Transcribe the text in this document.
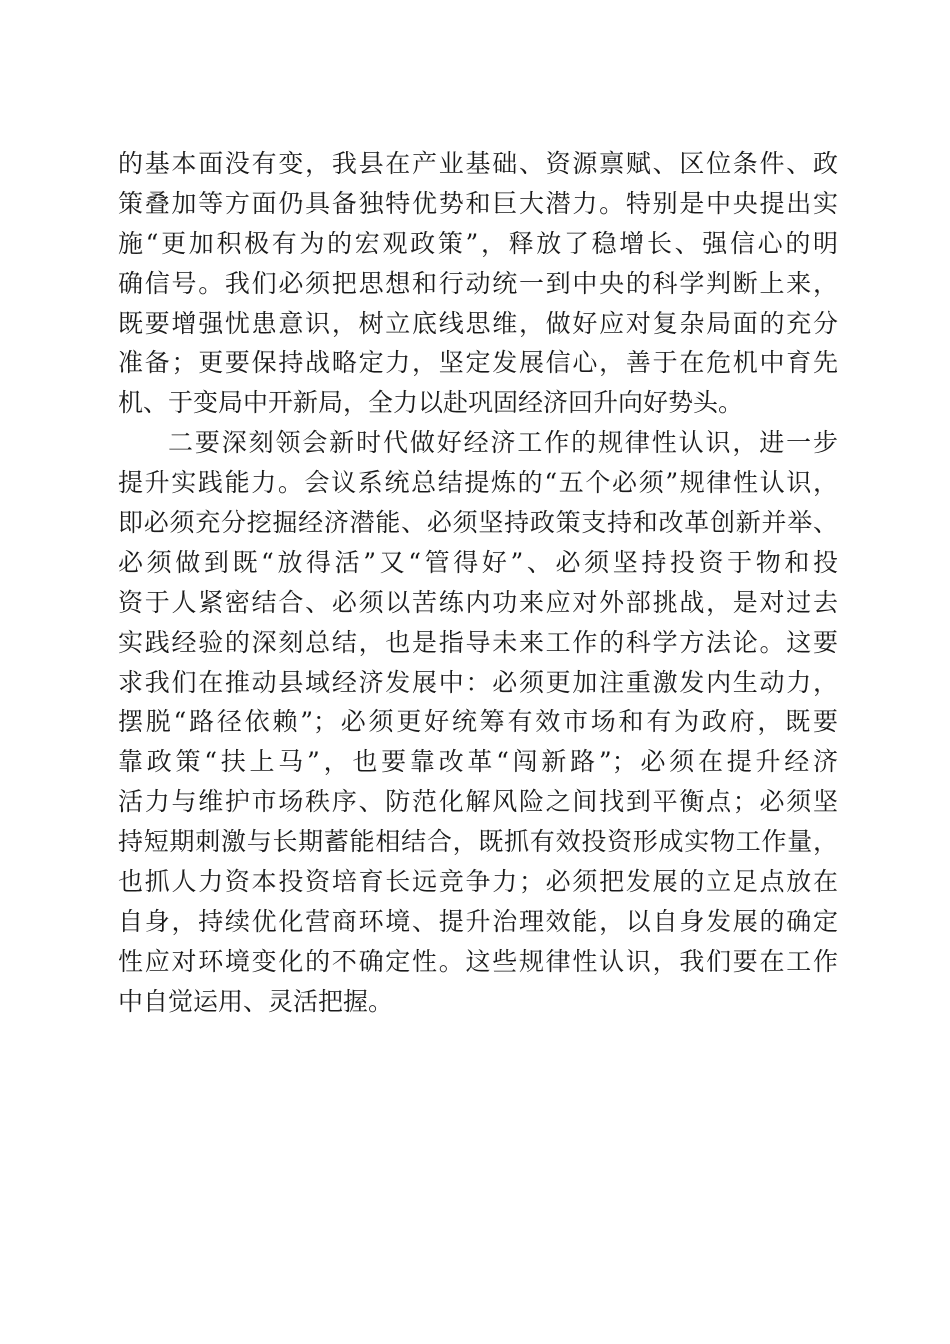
的基本面没有变，我县在产业基础、资源禀赋、区位条件、政
策叠加等方面仍具备独特优势和巨大潜力。特别是中央提出实
施“更加积极有为的宏观政策”，释放了稳增长、强信心的明
确信号。我们必须把思想和行动统一到中央的科学判断上来，
既要增强忧患意识，树立底线思维，做好应对复杂局面的充分
准备；更要保持战略定力，坚定发展信心，善于在危机中育先
机、于变局中开新局，全力以赴巩固经济回升向好势头。
二要深刻领会新时代做好经济工作的规律性认识，进一步
提升实践能力。会议系统总结提炼的“五个必须”规律性认识，
即必须充分挖掘经济潜能、必须坚持政策支持和改革创新并举、
必须做到既“放得活”又“管得好”、必须坚持投资于物和投
资于人紧密结合、必须以苦练内功来应对外部挑战，是对过去
实践经验的深刻总结，也是指导未来工作的科学方法论。这要
求我们在推动县域经济发展中：必须更加注重激发内生动力，
摆脱“路径依赖”；必须更好统筹有效市场和有为政府，既要
靠政策“扶上马”，也要靠改革“闯新路”；必须在提升经济
活力与维护市场秩序、防范化解风险之间找到平衡点；必须坚
持短期刺激与长期蓄能相结合，既抓有效投资形成实物工作量，
也抓人力资本投资培育长远竞争力；必须把发展的立足点放在
自身，持续优化营商环境、提升治理效能，以自身发展的确定
性应对环境变化的不确定性。这些规律性认识，我们要在工作
中自觉运用、灵活把握。
